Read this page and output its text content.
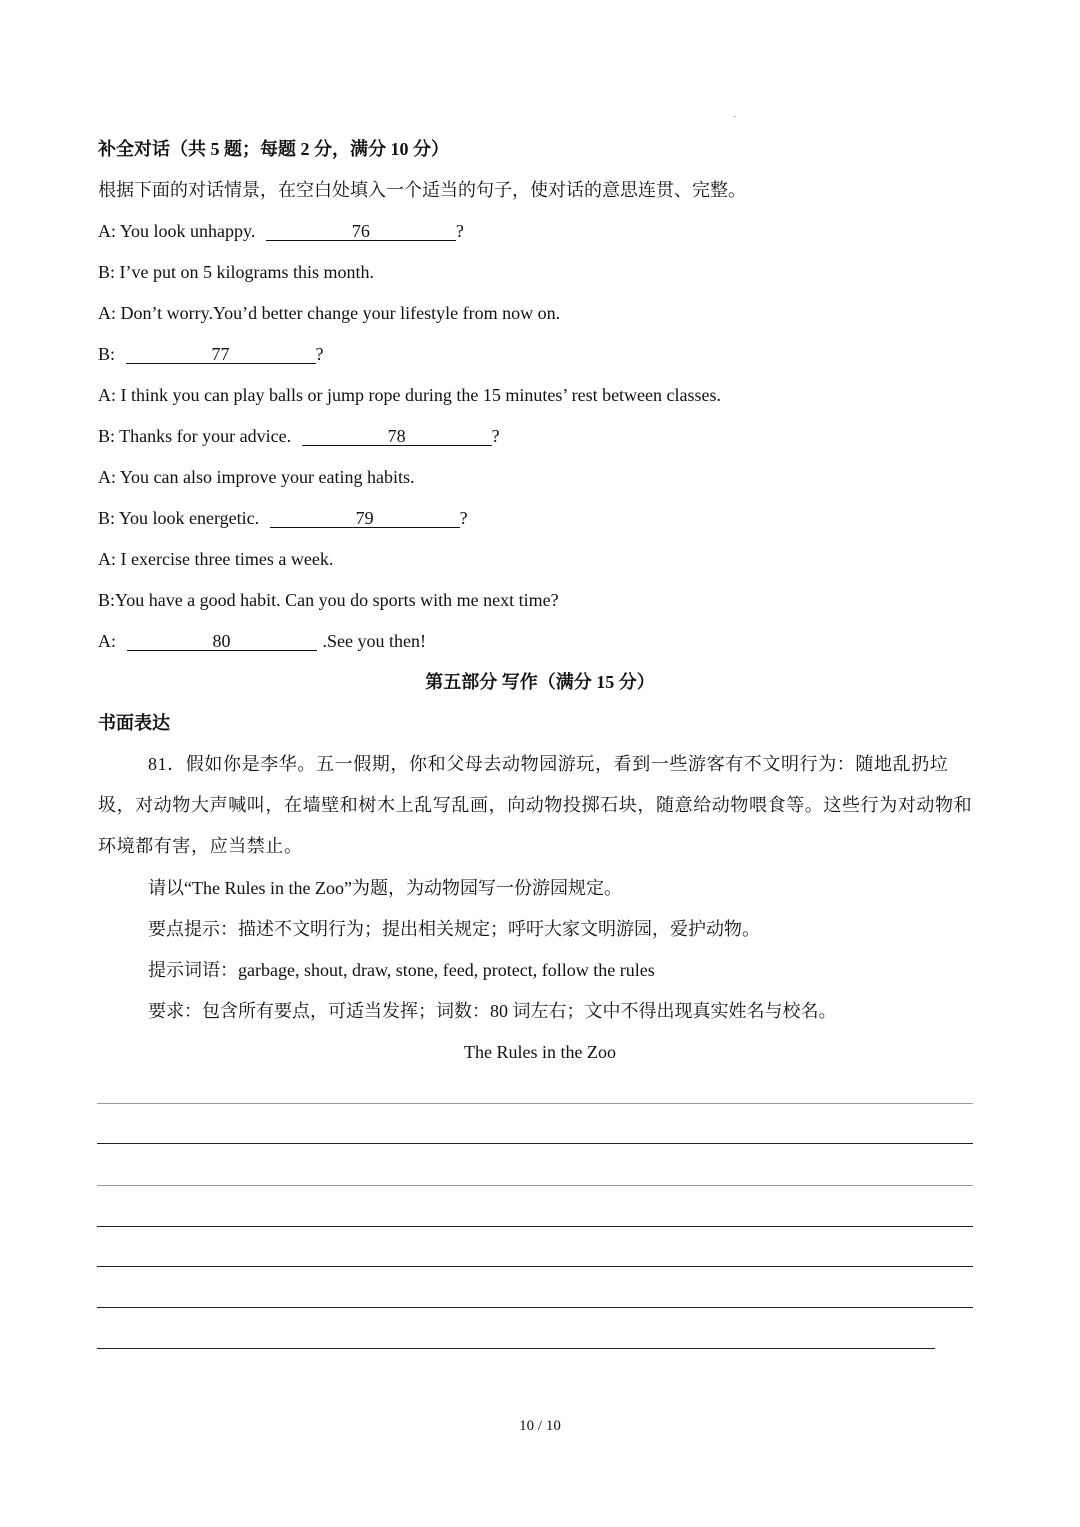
补全对话（共 5 题；每题 2 分，满分 10 分）
根据下面的对话情景，在空白处填入一个适当的句子，使对话的意思连贯、完整。
A: You look unhappy.	76	?
B: I’ve put on 5 kilograms this month.
A: Don’t worry.You’d better change your lifestyle from now on.
B:	77	?
A: I think you can play balls or jump rope during the 15 minutes’ rest between classes.
B: Thanks for your advice.	78	?
A: You can also improve your eating habits.
B: You look energetic.	79	?
A: I exercise three times a week.
B:You have a good habit. Can you do sports with me next time?
A:	80	.See you then!
第五部分 写作（满分 15 分）
书面表达
81．假如你是李华。五一假期，你和父母去动物园游玩，看到一些游客有不文明行为：随地乱扔垃圾，对动物大声喊叫，在墙壁和树木上乱写乱画，向动物投掷石块，随意给动物喂食等。这些行为对动物和环境都有害，应当禁止。
请以“The Rules in the Zoo”为题，为动物园写一份游园规定。
要点提示：描述不文明行为；提出相关规定；呼吁大家文明游园，爱护动物。
提示词语：garbage, shout, draw, stone, feed, protect, follow the rules
要求：包含所有要点，可适当发挥；词数：80 词左右；文中不得出现真实姓名与校名。
The Rules in the Zoo
10 / 10
